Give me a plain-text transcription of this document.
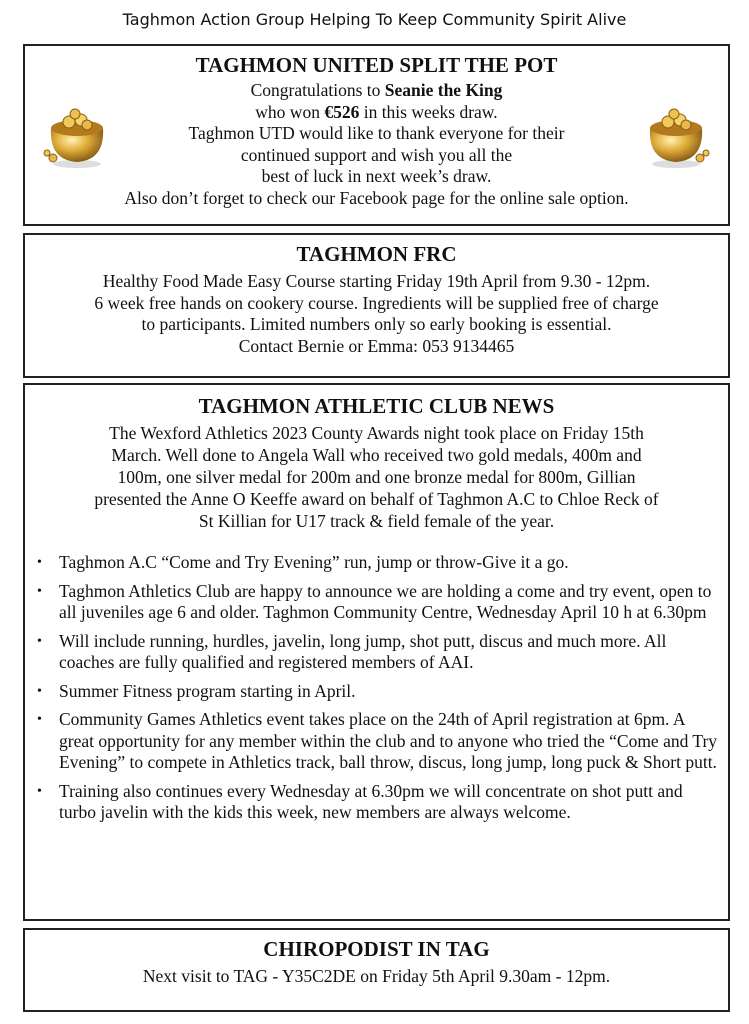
Taghmon Action Group Helping To Keep Community Spirit Alive
TAGHMON UNITED SPLIT THE POT
Congratulations to Seanie the King
who won €526 in this weeks draw.
Taghmon UTD would like to thank everyone for their
continued support and wish you all the
best of luck in next week’s draw.
Also don’t forget to check our Facebook page for the online sale option.
TAGHMON FRC
Healthy Food Made Easy Course starting Friday 19th April from 9.30 - 12pm.
6 week free hands on cookery course. Ingredients will be supplied free of charge
to participants. Limited numbers only so early booking is essential.
Contact Bernie or Emma: 053 9134465
TAGHMON ATHLETIC CLUB NEWS
The Wexford Athletics 2023 County Awards night took place on Friday 15th
March. Well done to Angela Wall who received two gold medals, 400m and
100m, one silver medal for 200m and one bronze medal for 800m, Gillian
presented the Anne O Keeffe award on behalf of Taghmon A.C to Chloe Reck of
St Killian for U17 track & field female of the year.
• Taghmon A.C “Come and Try Evening” run, jump or throw-Give it a go.
• Taghmon Athletics Club are happy to announce we are holding a come and try event, open to all juveniles age 6 and older. Taghmon Community Centre, Wednesday April 10 h at 6.30pm
• Will include running, hurdles, javelin, long jump, shot putt, discus and much more. All coaches are fully qualified and registered members of AAI.
• Summer Fitness program starting in April.
• Community Games Athletics event takes place on the 24th of April registration at 6pm. A great opportunity for any member within the club and to anyone who tried the “Come and Try Evening” to compete in Athletics track, ball throw, discus, long jump, long puck & Short putt.
• Training also continues every Wednesday at 6.30pm we will concentrate on shot putt and turbo javelin with the kids this week, new members are always welcome.
CHIROPODIST IN TAG
Next visit to TAG - Y35C2DE on Friday 5th April 9.30am - 12pm.
